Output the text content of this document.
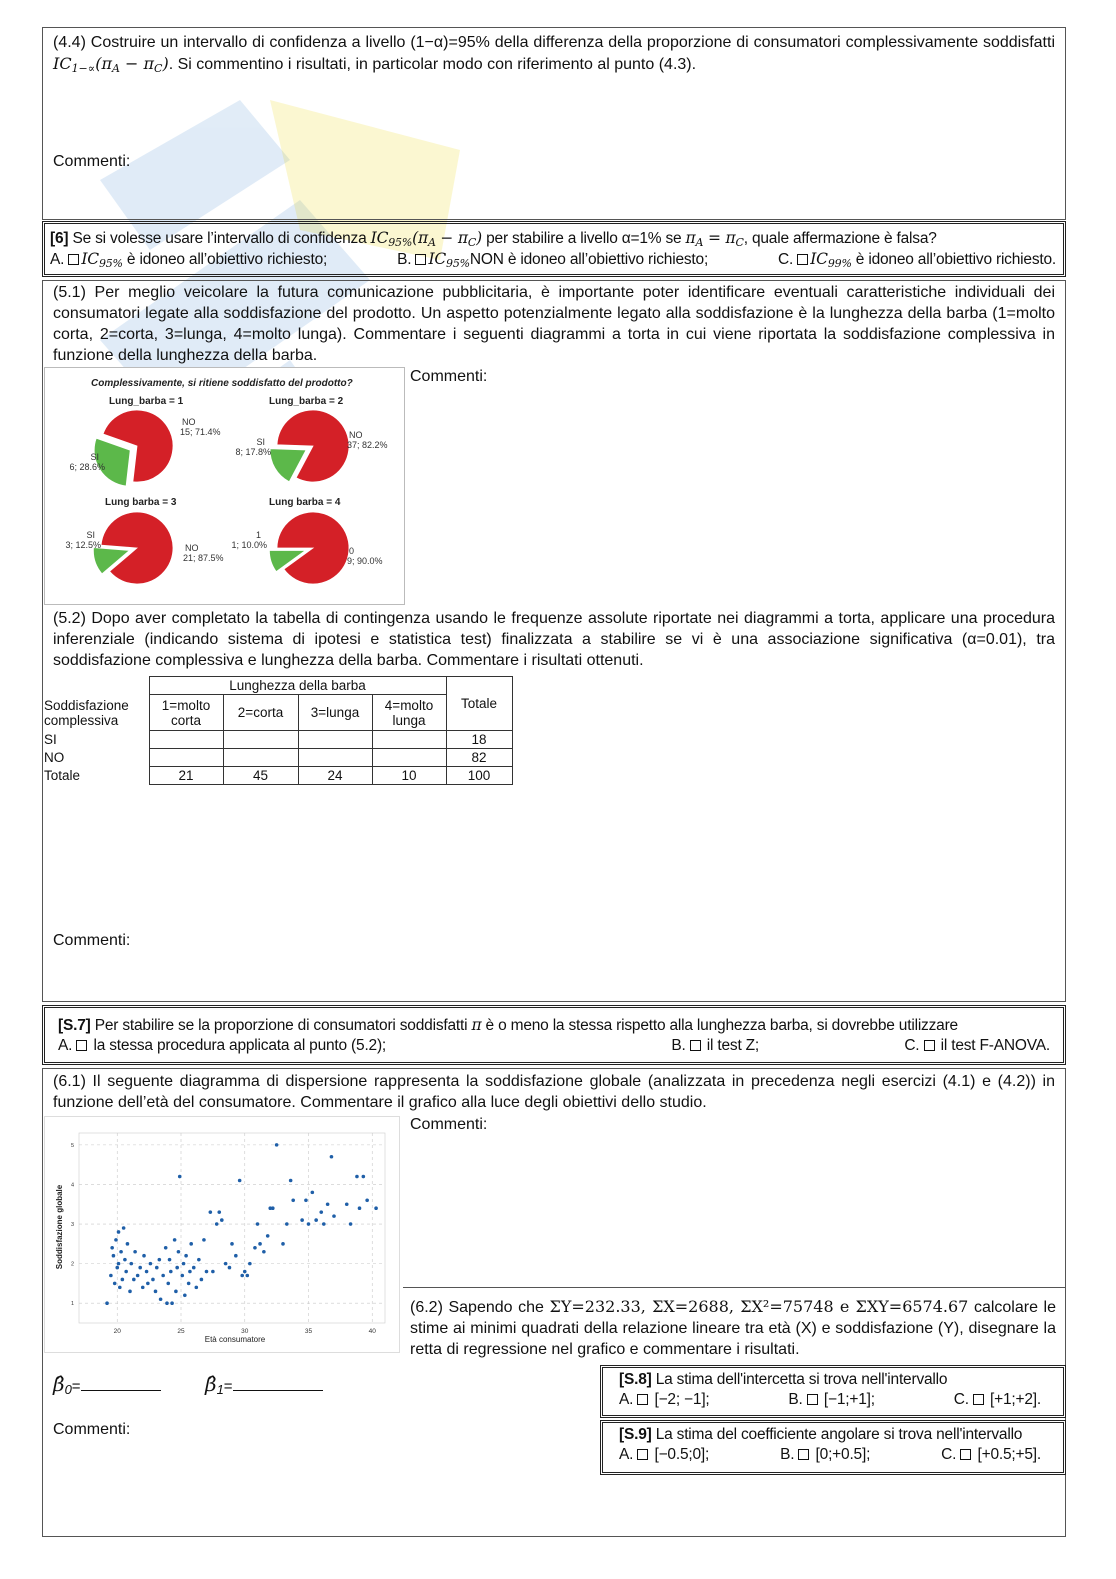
(4.4) Costruire un intervallo di confidenza a livello (1−α)=95% della differenza della proporzione di consumatori complessivamente soddisfatti $IC_{1-\propto}(\pi_A - \pi_C)$. Si commentino i risultati, in particolar modo con riferimento al punto (4.3).
Commenti:
[6] Se si volesse usare l’intervallo di confidenza $IC_{95\%}(\pi_A - \pi_C)$ per stabilire a livello α=1% se $\pi_A = \pi_C$, quale affermazione è falsa?
A. $IC_{95\%}$ è idoneo all’obiettivo richiesto;	B. $IC_{95\%}NON$ è idoneo all’obiettivo richiesto;	C. $IC_{99\%}$ è idoneo all’obiettivo richiesto.
(5.1) Per meglio veicolare la futura comunicazione pubblicitaria, è importante poter identificare eventuali caratteristiche individuali dei consumatori legate alla soddisfazione del prodotto. Un aspetto potenzialmente legato alla soddisfazione è la lunghezza della barba (1=molto corta, 2=corta, 3=lunga, 4=molto lunga). Commentare i seguenti diagrammi a torta in cui viene riportata la soddisfazione complessiva in funzione della lunghezza della barba.
Commenti:
Complessivamente, si ritiene soddisfatto del prodotto?
Lung_barba = 1
NO 15; 71.4%
SI 6; 28.6%
Lung_barba = 2
NO 37; 82.2%
SI 8; 17.8%
Lung barba = 3
NO 21; 87.5%
SI 3; 12.5%
Lung barba = 4
0 9; 90.0%
1 1; 10.0%
(5.2) Dopo aver completato la tabella di contingenza usando le frequenze assolute riportate nei diagrammi a torta, applicare una procedura inferenziale (indicando sistema di ipotesi e statistica test) finalizzata a stabilire se vi è una associazione significativa (α=0.01), tra soddisfazione complessiva e lunghezza della barba. Commentare i risultati ottenuti.
	Lunghezza della barba				Totale

Soddisfazione
complessiva	1=molto corta	2=corta	3=lunga	4=molto lunga	
SI					18
NO					82
Totale	21	45	24	10	100
Commenti:
[S.7] Per stabilire se la proporzione di consumatori soddisfatti π è o meno la stessa rispetto alla lunghezza barba, si dovrebbe utilizzare
A.  la stessa procedura applicata al punto (5.2);	B.  il test Z;	C.  il test F-ANOVA.
(6.1) Il seguente diagramma di dispersione rappresenta la soddisfazione globale (analizzata in precedenza negli esercizi (4.1) e (4.2)) in funzione dell’età del consumatore. Commentare il grafico alla luce degli obiettivi dello studio.
Commenti:
Età consumatore
Soddisfazione globale
20	25	30	35	40
1
2
3
4
5
(6.2) Sapendo che ΣY=232.33, ΣX=2688, ΣX²=75748 e ΣXY=6574.67 calcolare le stime ai minimi quadrati della relazione lineare tra età (X) e soddisfazione (Y), disegnare la retta di regressione nel grafico e commentare i risultati.
$\betâ_0=$	$\betâ_1=$
Commenti:
[S.8] La stima dell'intercetta si trova nell'intervallo
A.  [−2; −1];	B.  [−1;+1];	C.  [+1;+2].
[S.9] La stima del coefficiente angolare si trova nell'intervallo
A.  [−0.5;0];	B.  [0;+0.5];	C.  [+0.5;+5].
